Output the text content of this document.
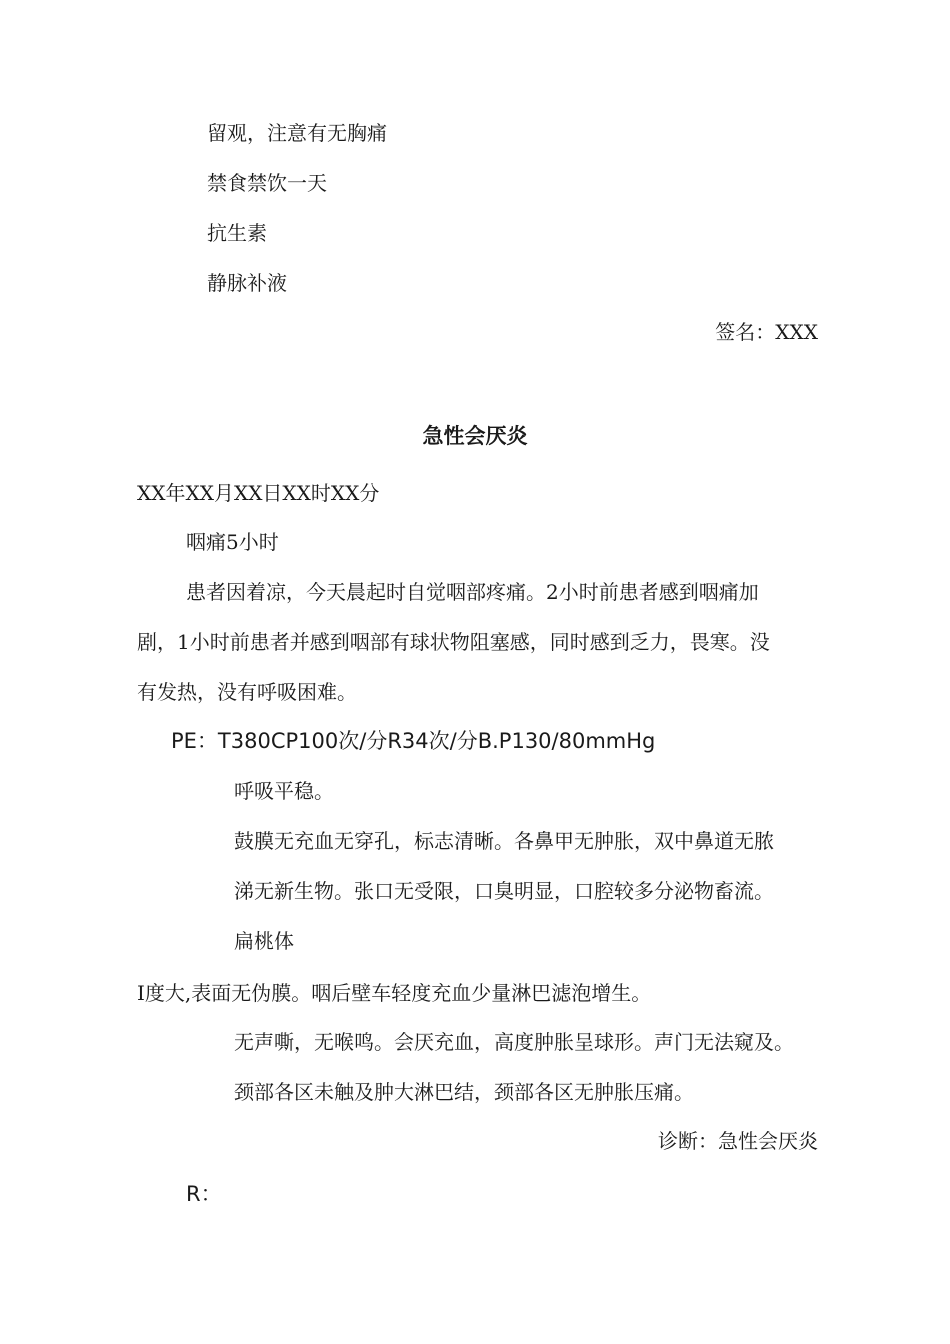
留观，注意有无胸痛
禁食禁饮一天
抗生素
静脉补液
签名：XXX
急性会厌炎
XX年XX月XX日XX时XX分
咽痛5小时
患者因着凉，今天晨起时自觉咽部疼痛。2小时前患者感到咽痛加
剧，1小时前患者并感到咽部有球状物阻塞感，同时感到乏力，畏寒。没
有发热，没有呼吸困难。
PE：T380CP100次/分R34次/分B.P130/80mmHg
呼吸平稳。
鼓膜无充血无穿孔，标志清晰。各鼻甲无肿胀，双中鼻道无脓
涕无新生物。张口无受限，口臭明显，口腔较多分泌物畜流。
扁桃体
I度大,表面无伪膜。咽后壁车轻度充血少量淋巴滤泡增生。
无声嘶，无喉鸣。会厌充血，高度肿胀呈球形。声门无法窥及。
颈部各区未触及肿大淋巴结，颈部各区无肿胀压痛。
诊断：急性会厌炎
R：
